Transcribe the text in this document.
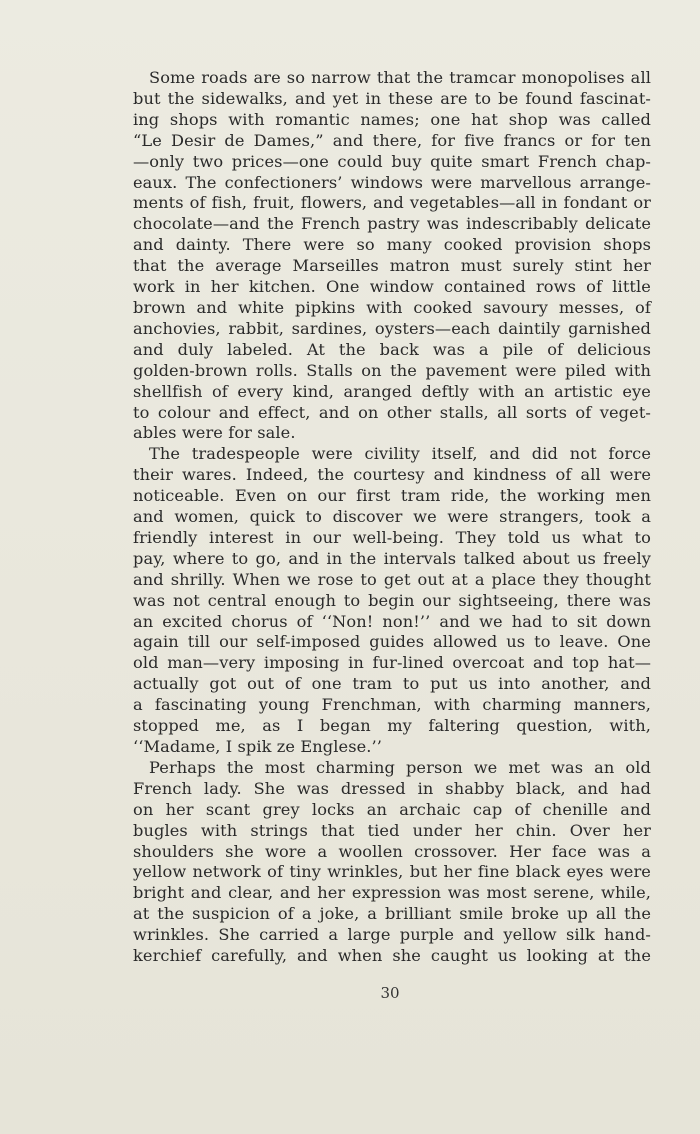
Some roads are so narrow that the tramcar monopolises all
but the sidewalks, and yet in these are to be found fascinat-
ing shops with romantic names; one hat shop was called
“Le Desir de Dames,” and there, for five francs or for ten
—only two prices—one could buy quite smart French chap-
eaux. The confectioners’ windows were marvellous arrange-
ments of fish, fruit, flowers, and vegetables—all in fondant or
chocolate—and the French pastry was indescribably delicate
and dainty. There were so many cooked provision shops
that the average Marseilles matron must surely stint her
work in her kitchen. One window contained rows of little
brown and white pipkins with cooked savoury messes, of
anchovies, rabbit, sardines, oysters—each daintily garnished
and duly labeled. At the back was a pile of delicious
golden-brown rolls. Stalls on the pavement were piled with
shellfish of every kind, aranged deftly with an artistic eye
to colour and effect, and on other stalls, all sorts of veget-
ables were for sale.
The tradespeople were civility itself, and did not force
their wares. Indeed, the courtesy and kindness of all were
noticeable. Even on our first tram ride, the working men
and women, quick to discover we were strangers, took a
friendly interest in our well-being. They told us what to
pay, where to go, and in the intervals talked about us freely
and shrilly. When we rose to get out at a place they thought
was not central enough to begin our sightseeing, there was
an excited chorus of ‘‘Non! non!’’ and we had to sit down
again till our self-imposed guides allowed us to leave. One
old man—very imposing in fur-lined overcoat and top hat—
actually got out of one tram to put us into another, and
a fascinating young Frenchman, with charming manners,
stopped me, as I began my faltering question, with,
‘‘Madame, I spik ze Englese.’’
Perhaps the most charming person we met was an old
French lady. She was dressed in shabby black, and had
on her scant grey locks an archaic cap of chenille and
bugles with strings that tied under her chin. Over her
shoulders she wore a woollen crossover. Her face was a
yellow network of tiny wrinkles, but her fine black eyes were
bright and clear, and her expression was most serene, while,
at the suspicion of a joke, a brilliant smile broke up all the
wrinkles. She carried a large purple and yellow silk hand-
kerchief carefully, and when she caught us looking at the
30
